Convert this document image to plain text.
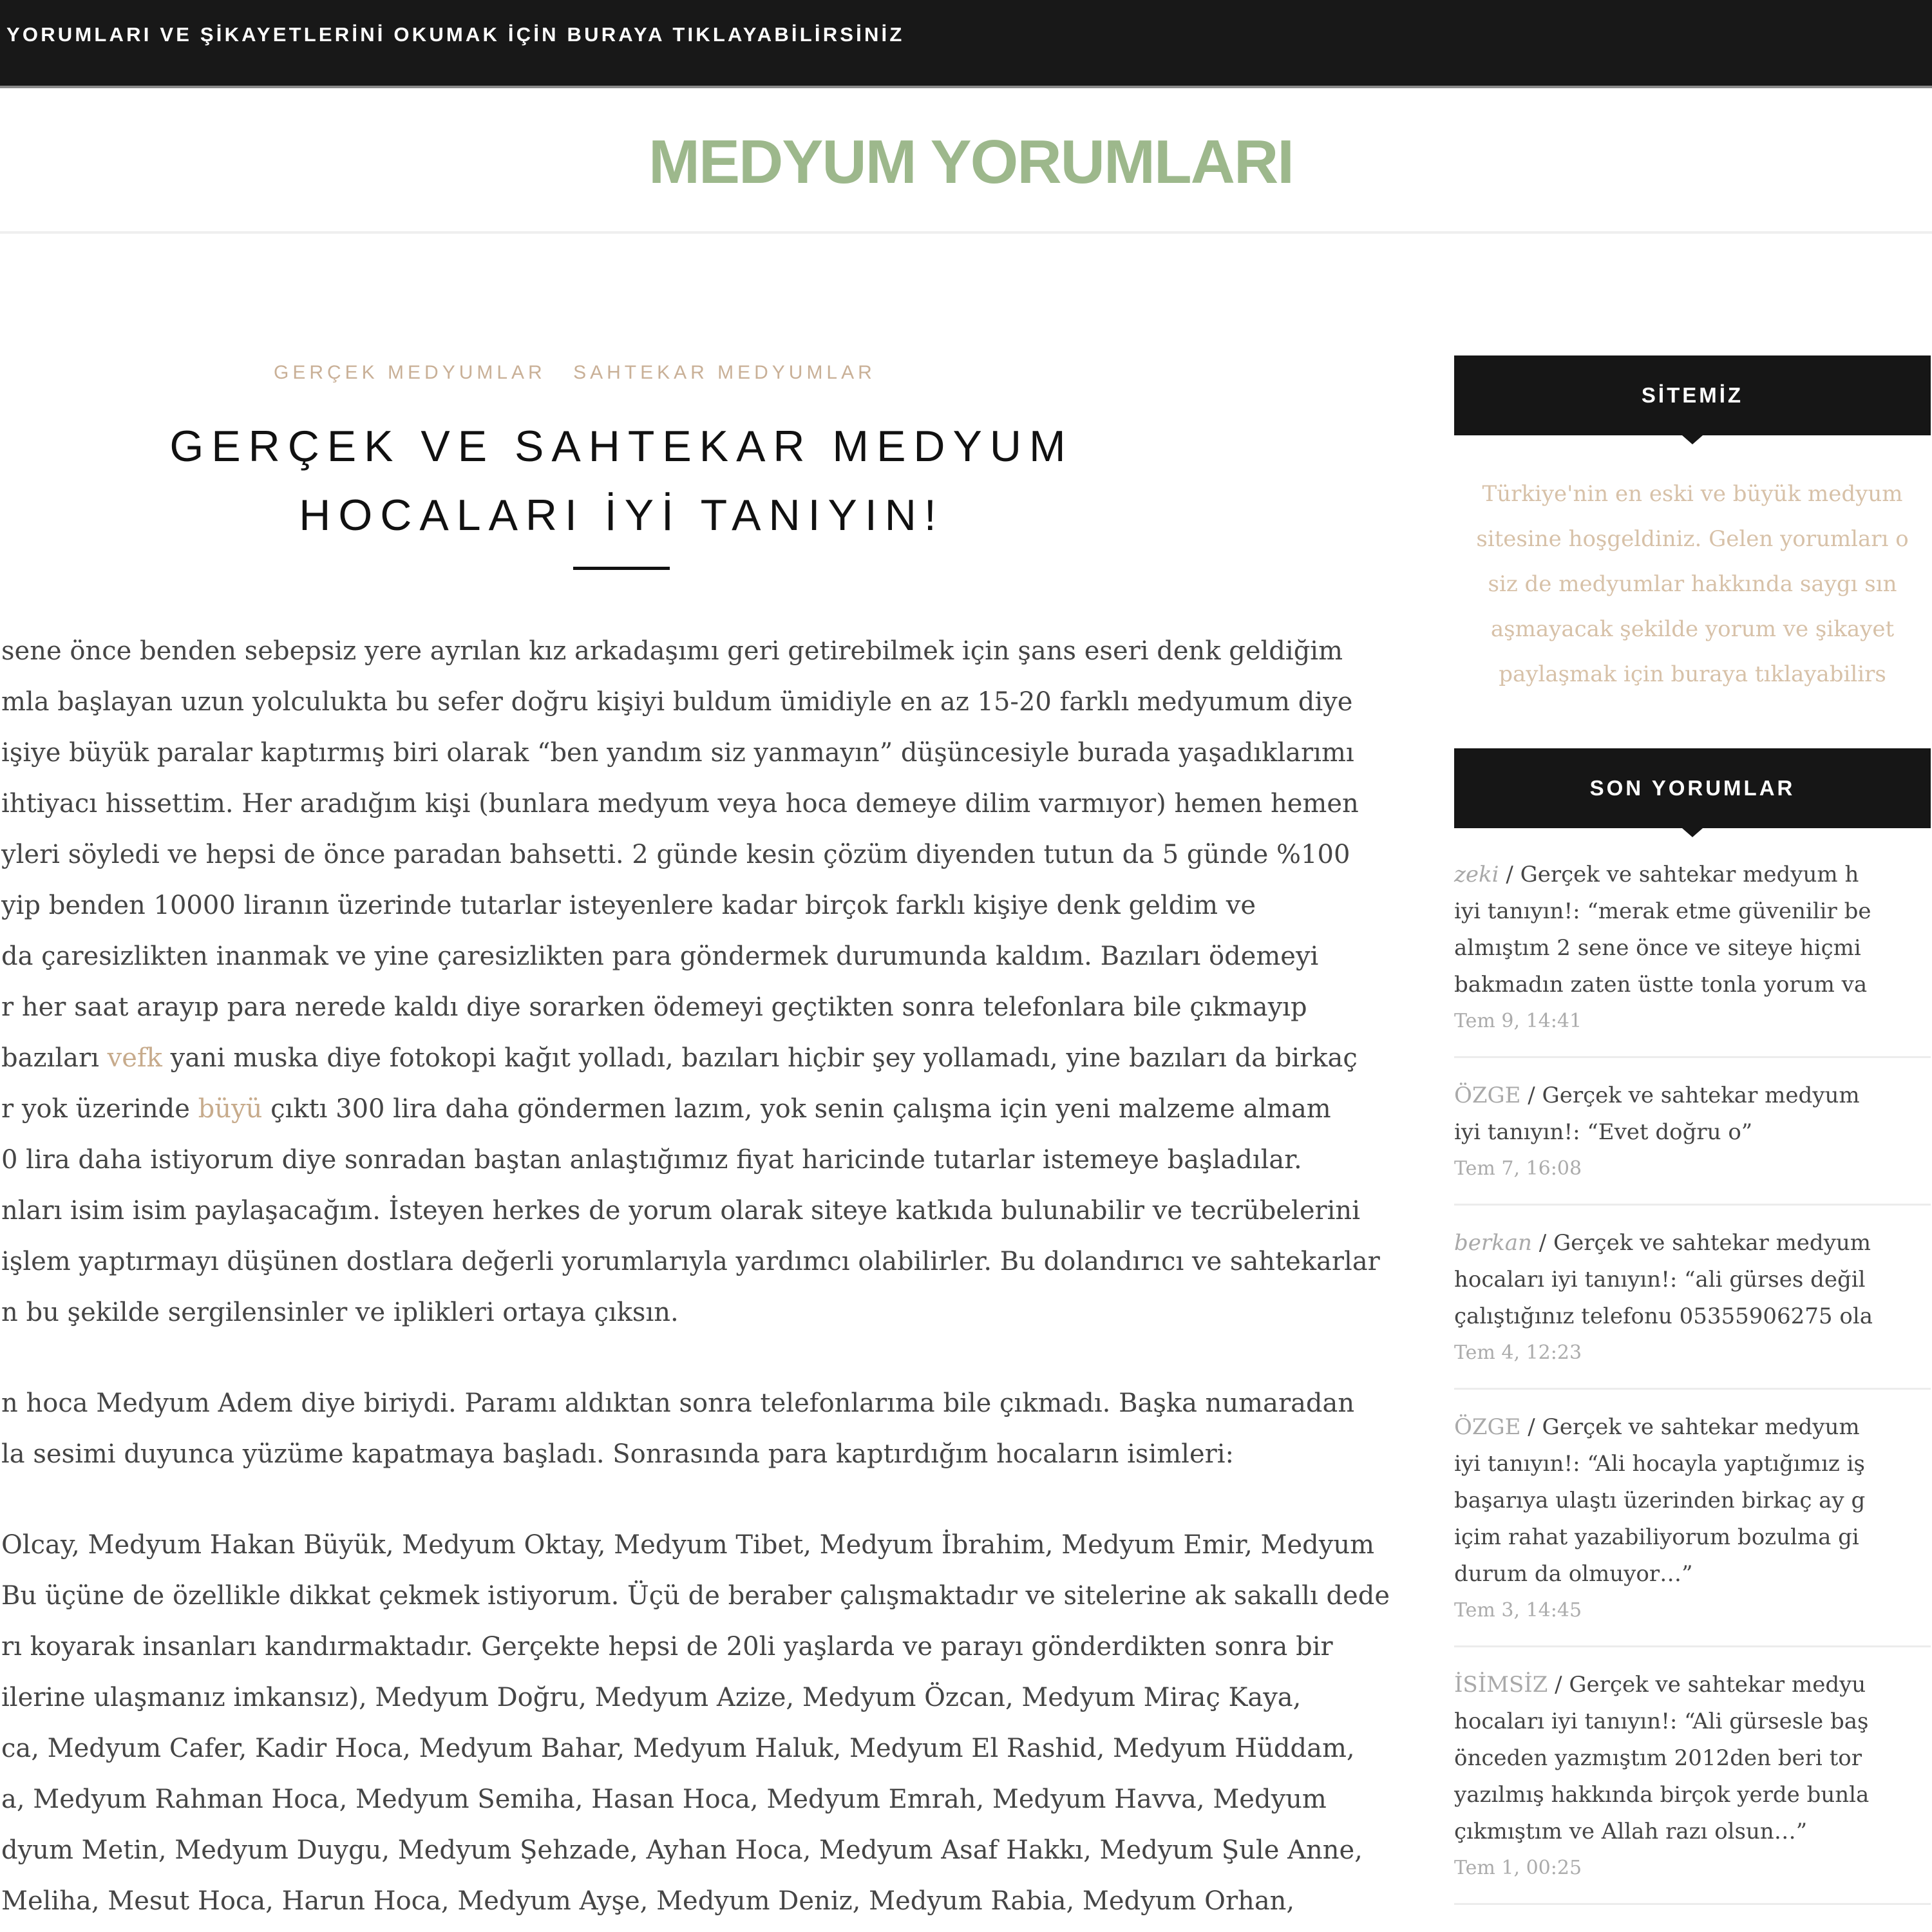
YORUMLARI VE ŞİKAYETLERİNİ OKUMAK İÇİN BURAYA TIKLAYABİLİRSİNİZ
MEDYUM YORUMLARI
GERÇEK MEDYUMLAR SAHTEKAR MEDYUMLAR
GERÇEK VE SAHTEKAR MEDYUM
HOCALARI İYİ TANIYIN!
sene önce benden sebepsiz yere ayrılan kız arkadaşımı geri getirebilmek için şans eseri denk geldiğim
mla başlayan uzun yolculukta bu sefer doğru kişiyi buldum ümidiyle en az 15-20 farklı medyumum diye
işiye büyük paralar kaptırmış biri olarak “ben yandım siz yanmayın” düşüncesiyle burada yaşadıklarımı
ihtiyacı hissettim. Her aradığım kişi (bunlara medyum veya hoca demeye dilim varmıyor) hemen hemen
yleri söyledi ve hepsi de önce paradan bahsetti. 2 günde kesin çözüm diyenden tutun da 5 günde %100
yip benden 10000 liranın üzerinde tutarlar isteyenlere kadar birçok farklı kişiye denk geldim ve
da çaresizlikten inanmak ve yine çaresizlikten para göndermek durumunda kaldım. Bazıları ödemeyi
r her saat arayıp para nerede kaldı diye sorarken ödemeyi geçtikten sonra telefonlara bile çıkmayıp
bazıları vefk yani muska diye fotokopi kağıt yolladı, bazıları hiçbir şey yollamadı, yine bazıları da birkaç
r yok üzerinde büyü çıktı 300 lira daha göndermen lazım, yok senin çalışma için yeni malzeme almam
0 lira daha istiyorum diye sonradan baştan anlaştığımız fiyat haricinde tutarlar istemeye başladılar.
nları isim isim paylaşacağım. İsteyen herkes de yorum olarak siteye katkıda bulunabilir ve tecrübelerini
işlem yaptırmayı düşünen dostlara değerli yorumlarıyla yardımcı olabilirler. Bu dolandırıcı ve sahtekarlar
n bu şekilde sergilensinler ve iplikleri ortaya çıksın.
n hoca Medyum Adem diye biriydi. Paramı aldıktan sonra telefonlarıma bile çıkmadı. Başka numaradan
la sesimi duyunca yüzüme kapatmaya başladı. Sonrasında para kaptırdığım hocaların isimleri:
Olcay, Medyum Hakan Büyük, Medyum Oktay, Medyum Tibet, Medyum İbrahim, Medyum Emir, Medyum
Bu üçüne de özellikle dikkat çekmek istiyorum. Üçü de beraber çalışmaktadır ve sitelerine ak sakallı dede
rı koyarak insanları kandırmaktadır. Gerçekte hepsi de 20li yaşlarda ve parayı gönderdikten sonra bir
ilerine ulaşmanız imkansız), Medyum Doğru, Medyum Azize, Medyum Özcan, Medyum Miraç Kaya,
ca, Medyum Cafer, Kadir Hoca, Medyum Bahar, Medyum Haluk, Medyum El Rashid, Medyum Hüddam,
a, Medyum Rahman Hoca, Medyum Semiha, Hasan Hoca, Medyum Emrah, Medyum Havva, Medyum
dyum Metin, Medyum Duygu, Medyum Şehzade, Ayhan Hoca, Medyum Asaf Hakkı, Medyum Şule Anne,
Meliha, Mesut Hoca, Harun Hoca, Medyum Ayşe, Medyum Deniz, Medyum Rabia, Medyum Orhan,
SİTEMİZ
Türkiye'nin en eski ve büyük medyum
sitesine hoşgeldiniz. Gelen yorumları o
siz de medyumlar hakkında saygı sın
aşmayacak şekilde yorum ve şikayet
paylaşmak için buraya tıklayabilirs
SON YORUMLAR
zeki / Gerçek ve sahtekar medyum h
iyi tanıyın!: “merak etme güvenilir be
almıştım 2 sene önce ve siteye hiçmi
bakmadın zaten üstte tonla yorum va
Tem 9, 14:41
ÖZGE / Gerçek ve sahtekar medyum
iyi tanıyın!: “Evet doğru o”
Tem 7, 16:08
berkan / Gerçek ve sahtekar medyum
hocaları iyi tanıyın!: “ali gürses değil
çalıştığınız telefonu 05355906275 ola
Tem 4, 12:23
ÖZGE / Gerçek ve sahtekar medyum
iyi tanıyın!: “Ali hocayla yaptığımız iş
başarıya ulaştı üzerinden birkaç ay g
içim rahat yazabiliyorum bozulma gi
durum da olmuyor…”
Tem 3, 14:45
İSİMSİZ / Gerçek ve sahtekar medyu
hocaları iyi tanıyın!: “Ali gürsesle baş
önceden yazmıştım 2012den beri tor
yazılmış hakkında birçok yerde bunla
çıkmıştım ve Allah razı olsun…”
Tem 1, 00:25
